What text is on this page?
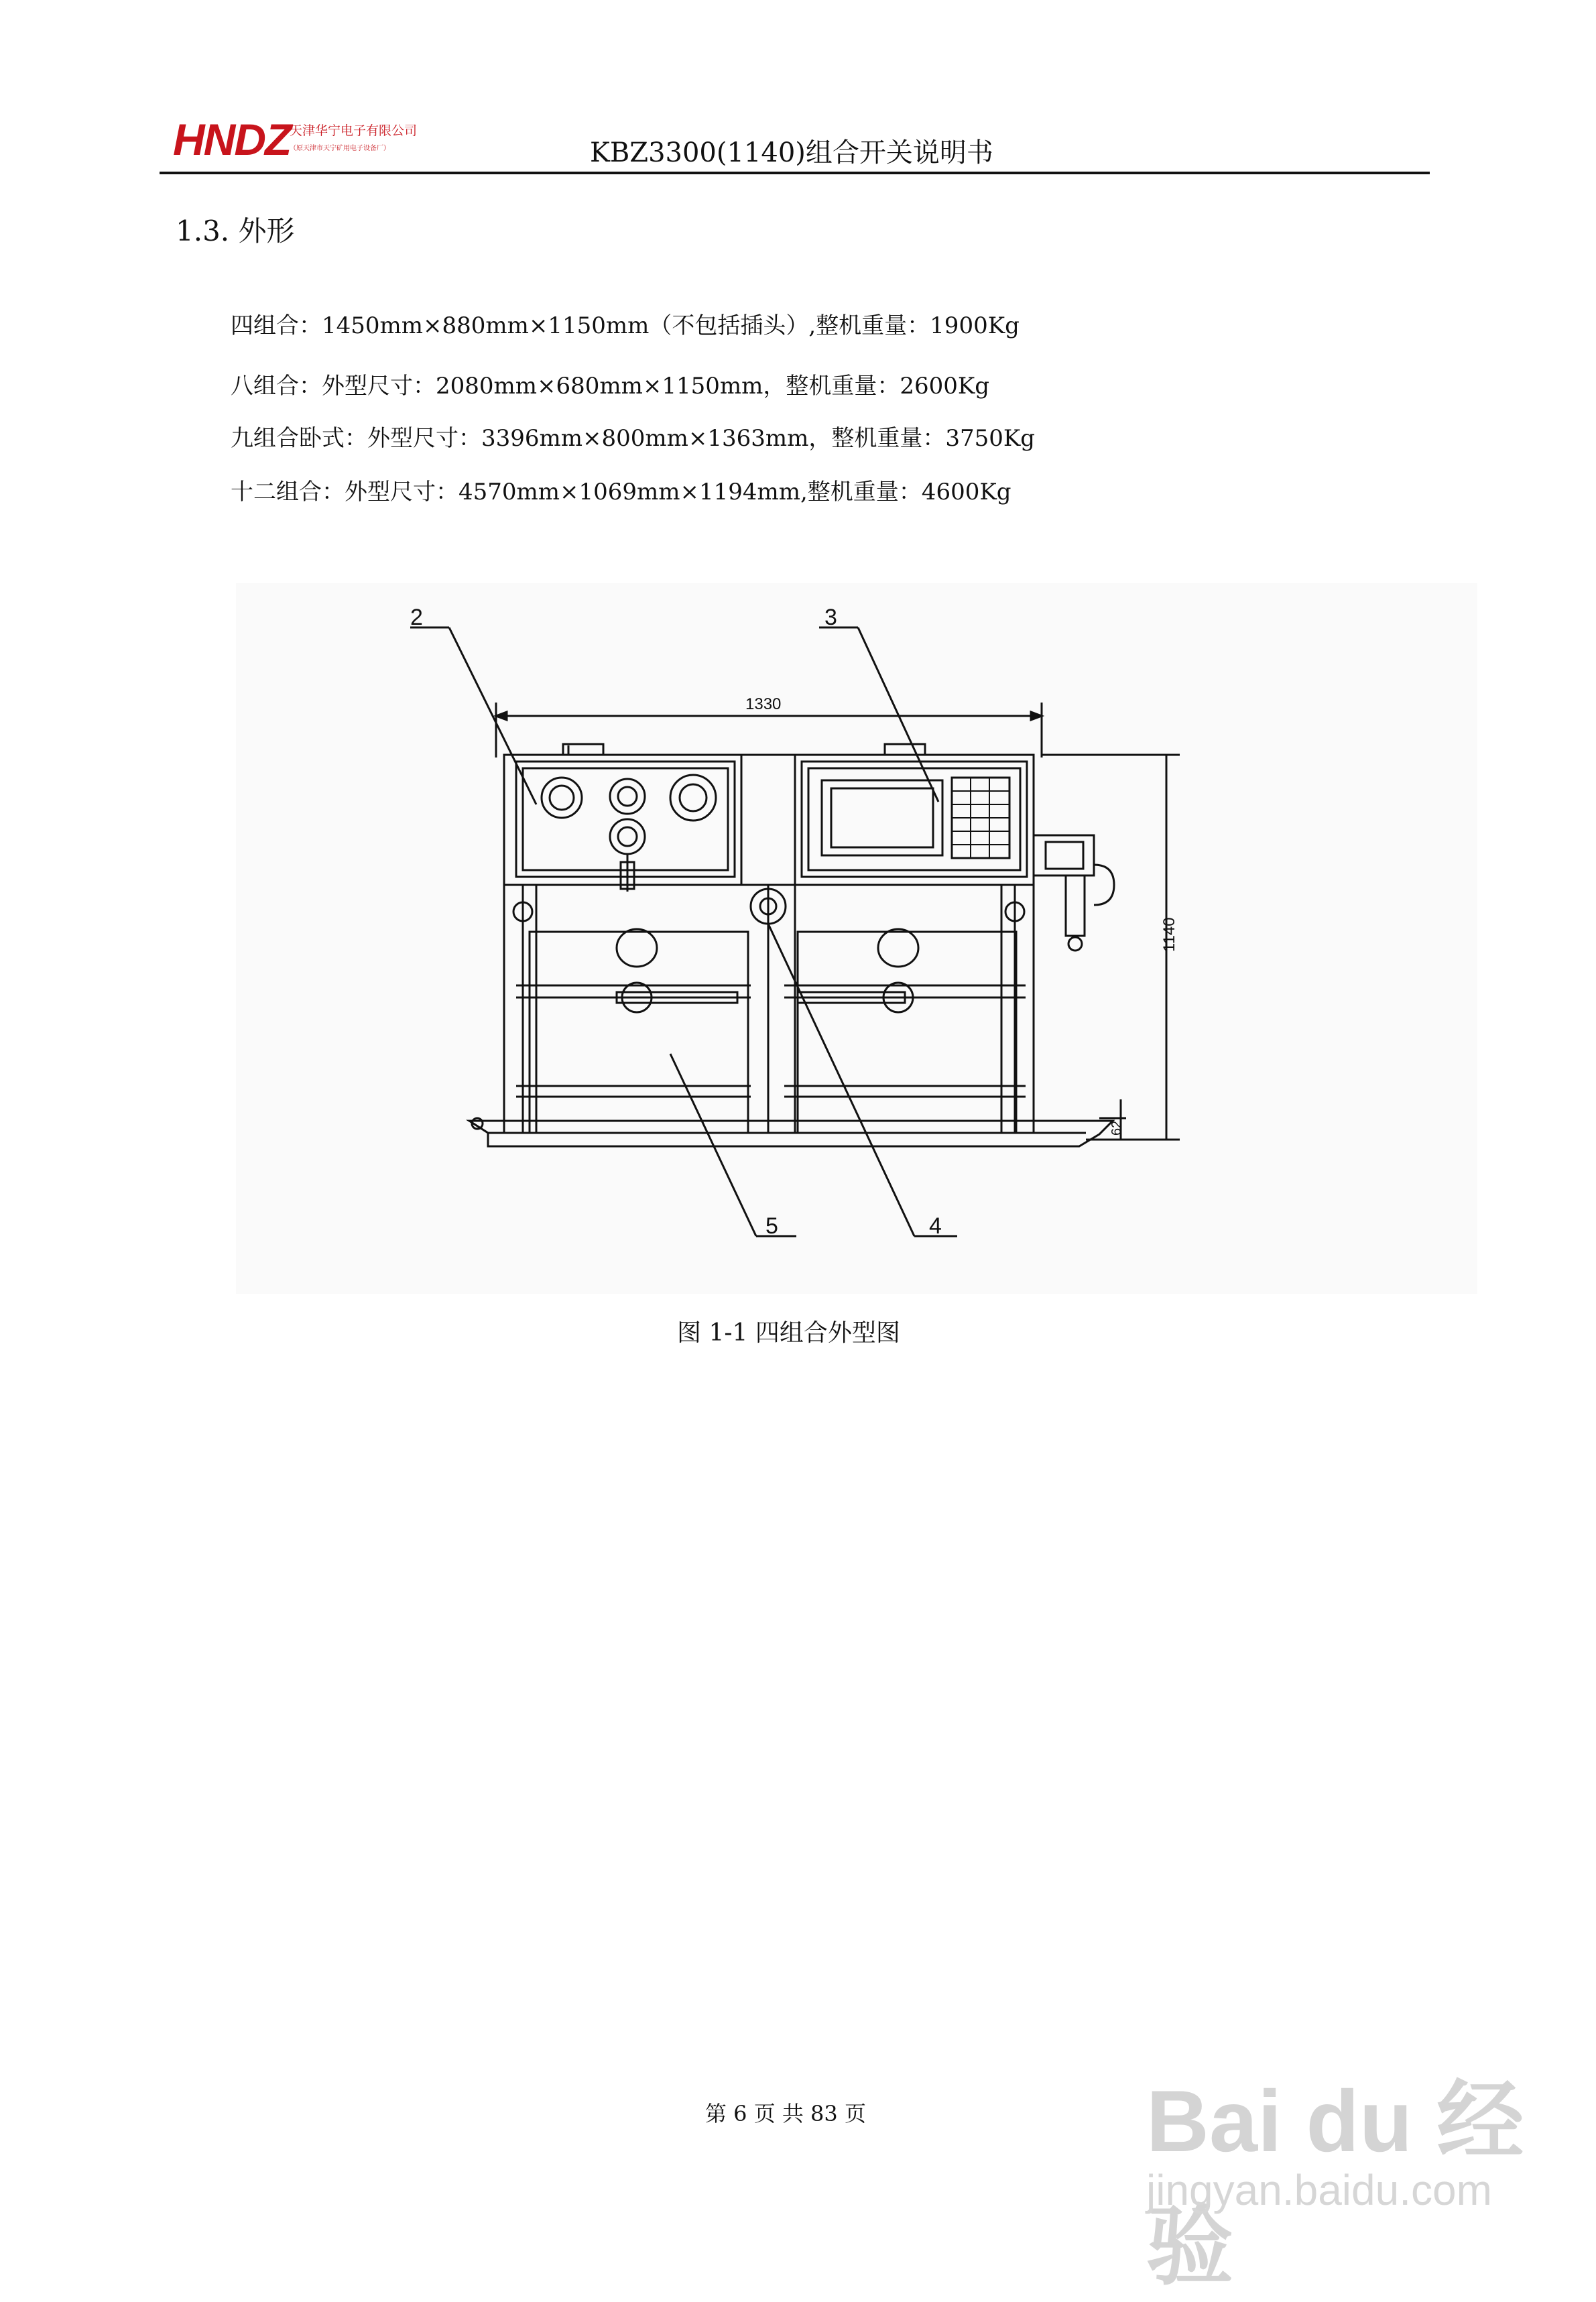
HNDZ
天津华宁电子有限公司
（原天津市天宁矿用电子设备厂）	KBZ3300(1140)组合开关说明书
1.3. 外形
四组合：1450mm×880mm×1150mm（不包括插头）,整机重量：1900Kg
八组合：外型尺寸：2080mm×680mm×1150mm，整机重量：2600Kg
九组合卧式：外型尺寸：3396mm×800mm×1363mm，整机重量：3750Kg
十二组合：外型尺寸：4570mm×1069mm×1194mm,整机重量：4600Kg
1330
1140
62
2	3
4
5
图 1-1 四组合外型图
第 6 页 共 83 页	Bai du 经验
jingyan.baidu.com
